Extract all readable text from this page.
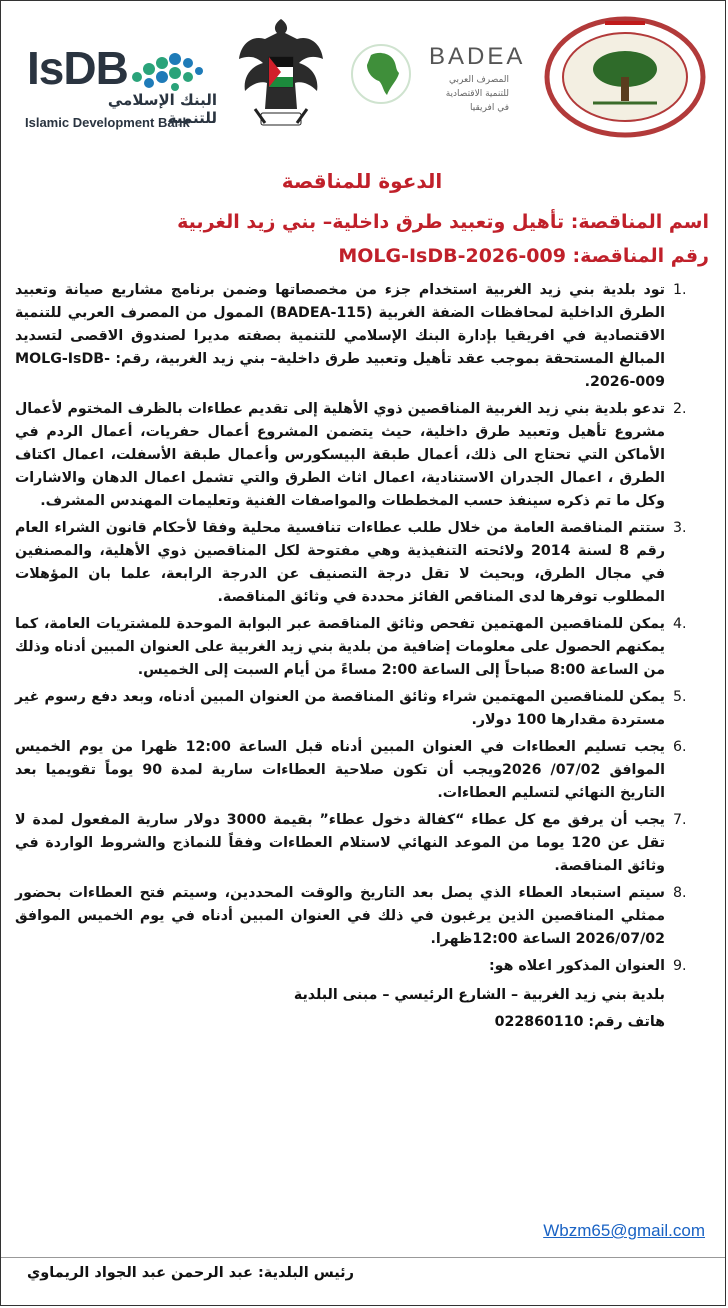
IsDB
البنك الإسلامي للتنمية
Islamic Development Bank
BADEA
المصرف العربي للتنمية الاقتصادية في افريقيا
الدعوة للمناقصة
اسم المناقصة: تأهيل وتعبيد طرق داخلية– بني زيد الغربية
رقم المناقصة: MOLG-IsDB-2026-009
1.
تود بلدية بني زيد الغربية استخدام جزء من مخصصاتها وضمن برنامج مشاريع صيانة وتعبيد الطرق الداخلية لمحافظات الضفة الغربية (BADEA-115) الممول من المصرف العربي للتنمية الاقتصادية في افريقيا بإدارة البنك الإسلامي للتنمية بصفته مديرا لصندوق الاقصى لتسديد المبالغ المستحقة بموجب عقد تأهيل وتعبيد طرق داخلية– بني زيد الغربية، رقم: MOLG-IsDB-2026-009.
2.
تدعو بلدية بني زيد الغربية المناقصين ذوي الأهلية إلى تقديم عطاءات بالظرف المختوم لأعمال مشروع تأهيل وتعبيد طرق داخلية، حيث يتضمن المشروع أعمال حفريات، أعمال الردم في الأماكن التي تحتاج الى ذلك، أعمال طبقة البيسكورس وأعمال طبقة الأسفلت، اعمال اكتاف الطرق ، اعمال الجدران الاستنادية، اعمال اثاث الطرق والتي تشمل اعمال الدهان والاشارات وكل ما تم ذكره سينفذ حسب المخططات والمواصفات الفنية وتعليمات المهندس المشرف.
3.
ستتم المناقصة العامة من خلال طلب عطاءات تنافسية محلية وفقا لأحكام قانون الشراء العام رقم 8 لسنة 2014 ولائحته التنفيذية وهي مفتوحة لكل المناقصين ذوي الأهلية، والمصنفين في مجال الطرق، وبحيث لا تقل درجة التصنيف عن الدرجة الرابعة، علما بان المؤهلات المطلوب توفرها لدى المناقص الفائز محددة في وثائق المناقصة.
4.
يمكن للمناقصين المهتمين تفحص وثائق المناقصة عبر البوابة الموحدة للمشتريات العامة، كما يمكنهم الحصول على معلومات إضافية من بلدية بني زيد الغربية على العنوان المبين أدناه وذلك من الساعة 8:00 صباحاً إلى الساعة 2:00 مساءً من أيام السبت إلى الخميس.
5.
يمكن للمناقصين المهتمين شراء وثائق المناقصة من العنوان المبين أدناه، وبعد دفع رسوم غير مستردة مقدارها 100 دولار.
6.
يجب تسليم العطاءات في العنوان المبين أدناه قبل الساعة 12:00 ظهرا من يوم الخميس الموافق 07/02/ 2026ويجب أن تكون صلاحية العطاءات سارية لمدة 90 يوماً تقويميا بعد التاريخ النهائي لتسليم العطاءات.
7.
يجب أن يرفق مع كل عطاء “كفالة دخول عطاء” بقيمة 3000 دولار سارية المفعول لمدة لا تقل عن 120 يوما من الموعد النهائي لاستلام العطاءات وفقاً للنماذج والشروط الواردة في وثائق المناقصة.
8.
سيتم استبعاد العطاء الذي يصل بعد التاريخ والوقت المحددين، وسيتم فتح العطاءات بحضور ممثلي المناقصين الذين يرغبون في ذلك في العنوان المبين أدناه في يوم الخميس الموافق 2026/07/02 الساعة 12:00ظهرا.
9.
العنوان المذكور اعلاه هو:
بلدية بني زيد الغربية – الشارع الرئيسي – مبنى البلدية
هاتف رقم: 022860110
Wbzm65@gmail.com
رئيس البلدية: عبد الرحمن عبد الجواد الريماوي
